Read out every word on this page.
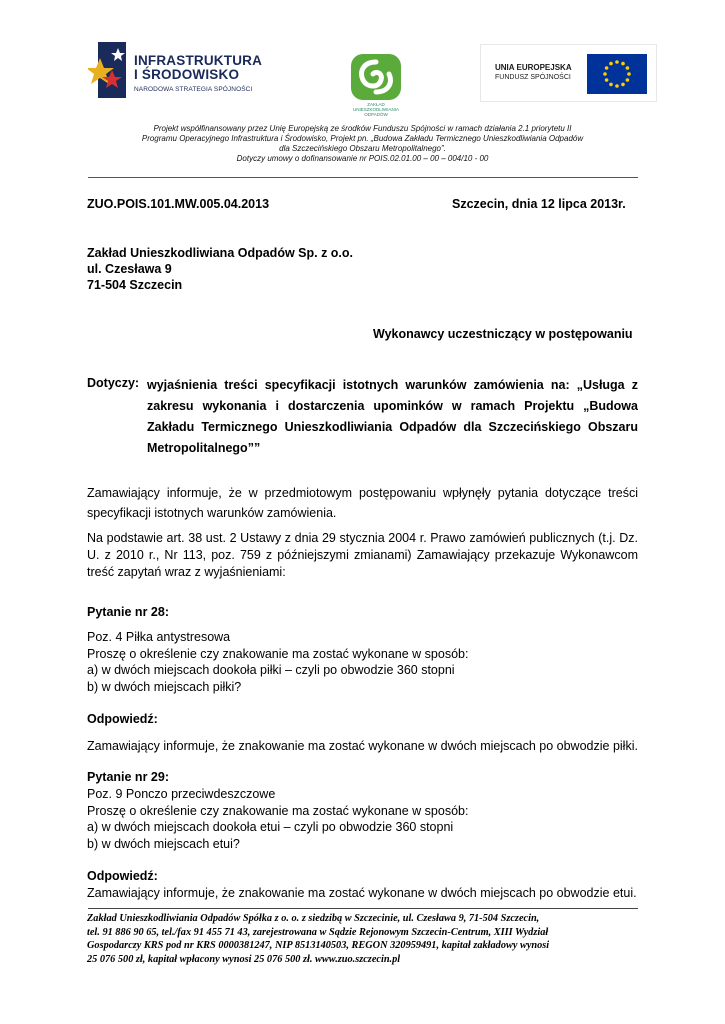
INFRASTRUKTURA
I ŚRODOWISKO
NARODOWA STRATEGIA SPÓJNOŚCI
ZAKŁAD
UNIESZKODLIWIANIA
ODPADÓW
UNIA EUROPEJSKA
FUNDUSZ SPÓJNOŚCI
Projekt współfinansowany przez Unię Europejską ze środków Funduszu Spójności w ramach działania 2.1 priorytetu II
Programu Operacyjnego Infrastruktura i Środowisko, Projekt pn. „Budowa Zakładu Termicznego Unieszkodliwiania Odpadów
dla Szczecińskiego Obszaru Metropolitalnego”.
Dotyczy umowy o dofinansowanie nr POIS.02.01.00 – 00 – 004/10 - 00
ZUO.POIS.101.MW.005.04.2013	Szczecin, dnia 12 lipca 2013r.
Zakład Unieszkodliwiana Odpadów Sp. z o.o.
ul. Czesława 9
71-504 Szczecin
Wykonawcy uczestniczący w postępowaniu
Dotyczy: wyjaśnienia treści specyfikacji istotnych warunków zamówienia na: „Usługa z zakresu wykonania i dostarczenia upominków w ramach Projektu „Budowa Zakładu Termicznego Unieszkodliwiania Odpadów dla Szczecińskiego Obszaru Metropolitalnego””
Zamawiający informuje, że w przedmiotowym postępowaniu wpłynęły pytania dotyczące treści specyfikacji istotnych warunków zamówienia.
Na podstawie art. 38 ust. 2 Ustawy z dnia 29 stycznia 2004 r. Prawo zamówień publicznych (t.j. Dz. U. z 2010 r., Nr 113, poz. 759 z późniejszymi zmianami) Zamawiający przekazuje Wykonawcom treść zapytań wraz z wyjaśnieniami:
Pytanie nr 28:
Poz. 4 Piłka antystresowa
Proszę o określenie czy znakowanie ma zostać wykonane w sposób:
a) w dwóch miejscach dookoła piłki – czyli po obwodzie 360 stopni
b) w dwóch miejscach piłki?
Odpowiedź:
Zamawiający informuje, że znakowanie ma zostać wykonane w dwóch miejscach po obwodzie piłki.
Pytanie nr 29:
Poz. 9 Ponczo przeciwdeszczowe
Proszę o określenie czy znakowanie ma zostać wykonane w sposób:
a) w dwóch miejscach dookoła etui – czyli po obwodzie 360 stopni
b) w dwóch miejscach etui?
Odpowiedź:
Zamawiający informuje, że znakowanie ma zostać wykonane w dwóch miejscach po obwodzie etui.
Zakład Unieszkodliwiania Odpadów Spółka z o. o. z siedzibą w Szczecinie, ul. Czesława 9, 71-504 Szczecin,
tel. 91 886 90 65, tel./fax 91 455 71 43, zarejestrowana w Sądzie Rejonowym Szczecin-Centrum, XIII Wydział
Gospodarczy KRS pod nr KRS 0000381247, NIP 8513140503, REGON 320959491, kapitał zakładowy wynosi
25 076 500 zł, kapitał wpłacony wynosi 25 076 500 zł. www.zuo.szczecin.pl
